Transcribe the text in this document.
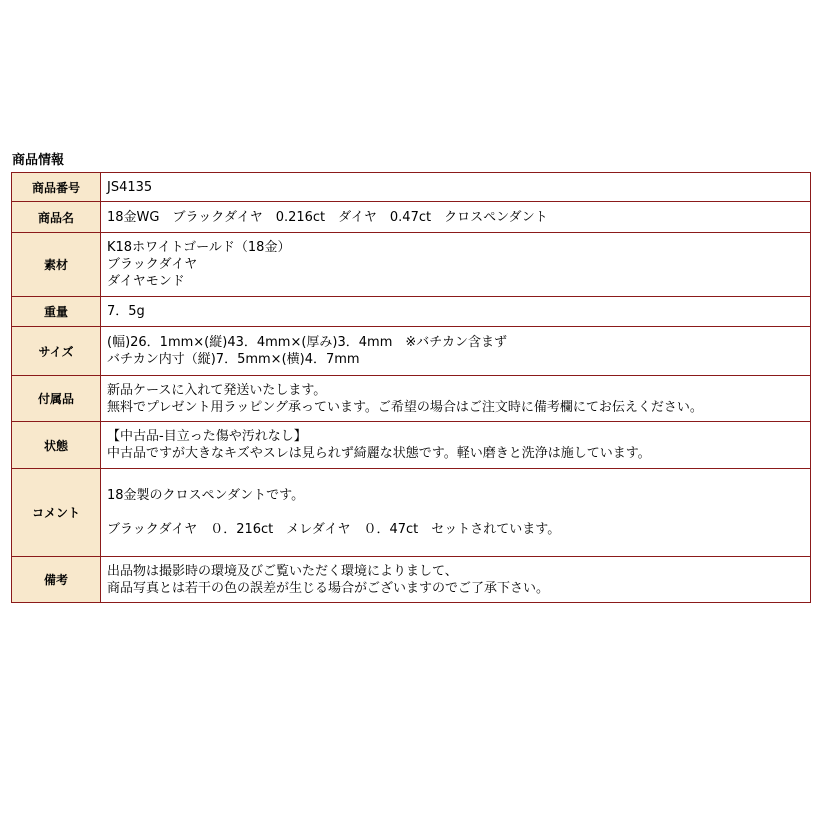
商品情報
商品番号	JS4135

商品名	18金WG　ブラックダイヤ　0.216ct　ダイヤ　0.47ct　クロスペンダント

素材	K18ホワイトゴールド（18金）
ブラックダイヤ
ダイヤモンド

重量	7．5g

サイズ	(幅)26．1mm×(縦)43．4mm×(厚み)3．4mm　※バチカン含まず
バチカン内寸（縦)7．5mm×(横)4．7mm

付属品	新品ケースに入れて発送いたします。
無料でプレゼント用ラッピング承っています。ご希望の場合はご注文時に備考欄にてお伝えください。

状態	【中古品-目立った傷や汚れなし】
中古品ですが大きなキズやスレは見られず綺麗な状態です。軽い磨きと洗浄は施しています。

コメント	18金製のクロスペンダントです。
ブラックダイヤ　０．216ct　メレダイヤ　０．47ct　セットされています。

備考	出品物は撮影時の環境及びご覧いただく環境によりまして、
商品写真とは若干の色の誤差が生じる場合がございますのでご了承下さい。
